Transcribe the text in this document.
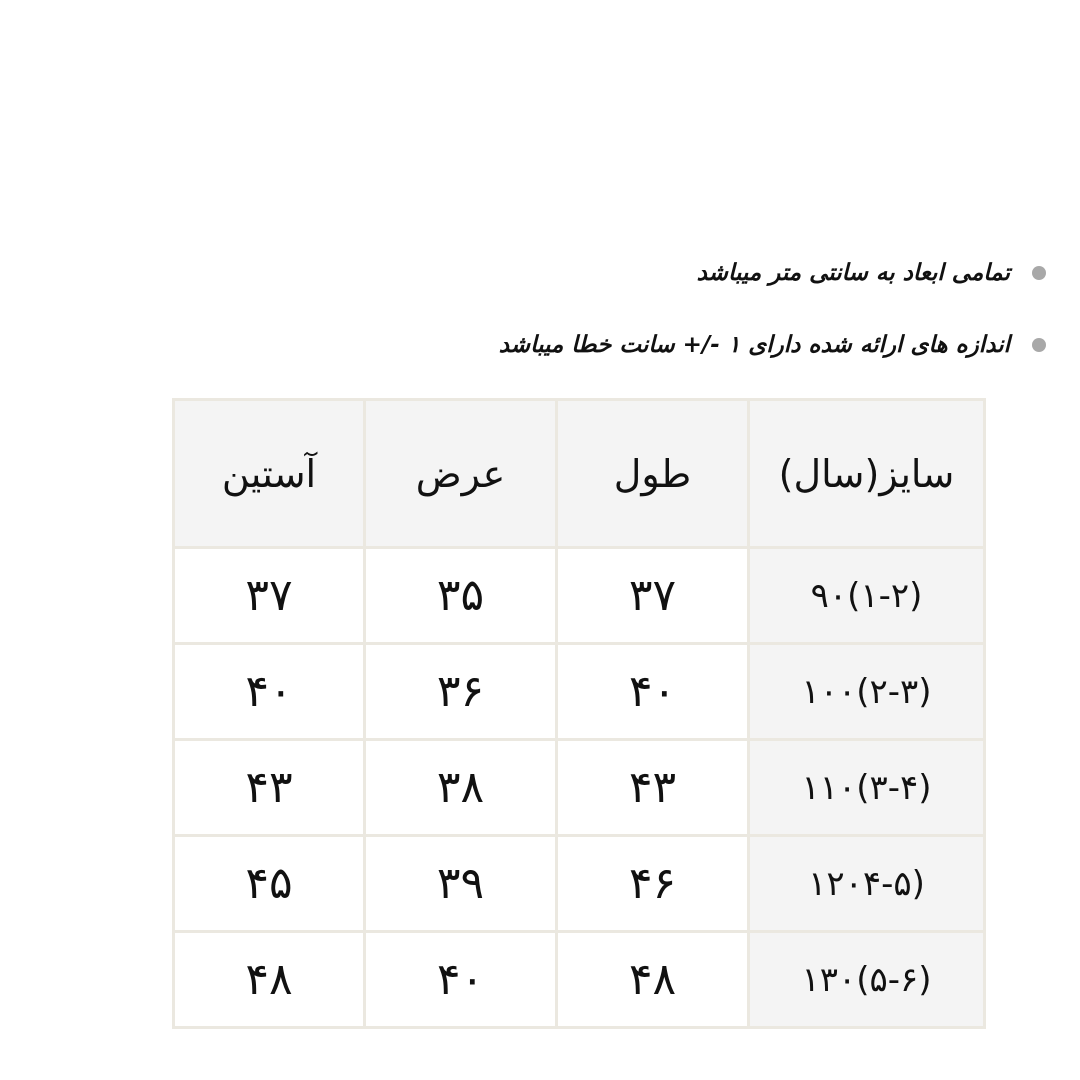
تمامی ابعاد به سانتی متر میباشد
اندازه های ارائه شده دارای ‎+/-‎ ۱ سانت خطا میباشد
سایز(سال)	طول	عرض	آستین
۹۰(۱-۲)	۳۷	۳۵	۳۷
۱۰۰(۲-۳)	۴۰	۳۶	۴۰
۱۱۰(۳-۴)	۴۳	۳۸	۴۳
۱۲۰۴-۵)	۴۶	۳۹	۴۵
۱۳۰(۵-۶)	۴۸	۴۰	۴۸
